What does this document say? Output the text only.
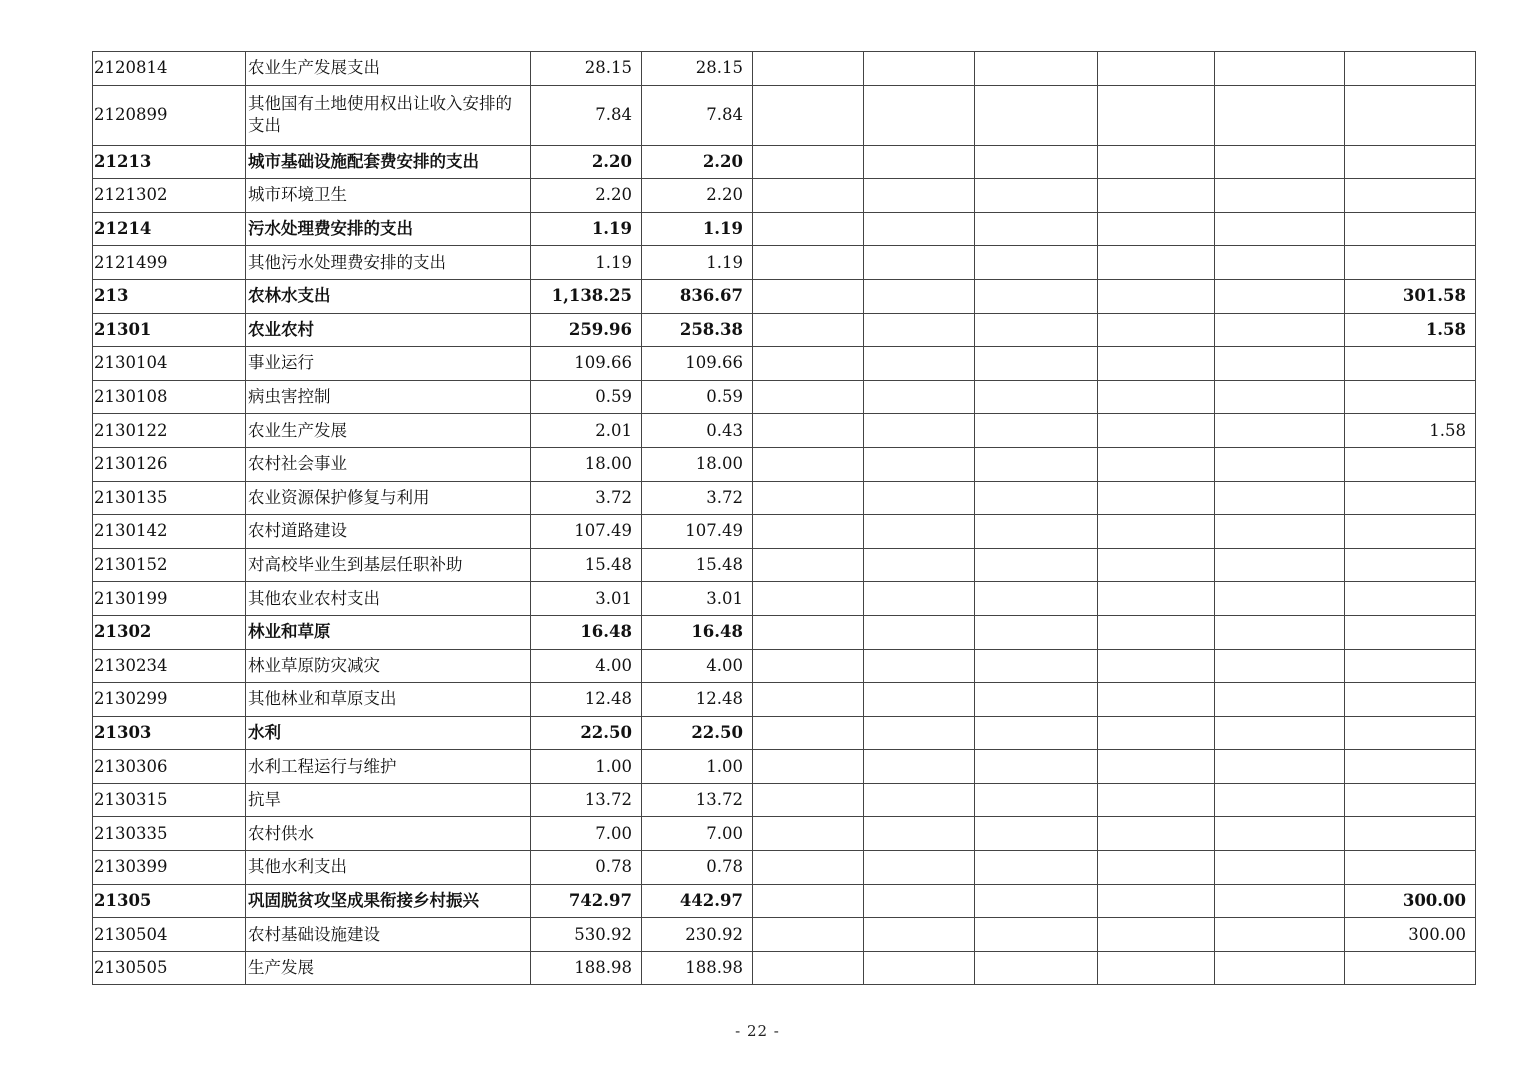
2120814	农业生产发展支出	28.15	28.15						
2120899	其他国有土地使用权出让收入安排的支出	7.84	7.84						
21213	城市基础设施配套费安排的支出	2.20	2.20						
2121302	城市环境卫生	2.20	2.20						
21214	污水处理费安排的支出	1.19	1.19						
2121499	其他污水处理费安排的支出	1.19	1.19						
213	农林水支出	1,138.25	836.67						301.58
21301	农业农村	259.96	258.38						1.58
2130104	事业运行	109.66	109.66						
2130108	病虫害控制	0.59	0.59						
2130122	农业生产发展	2.01	0.43						1.58
2130126	农村社会事业	18.00	18.00						
2130135	农业资源保护修复与利用	3.72	3.72						
2130142	农村道路建设	107.49	107.49						
2130152	对高校毕业生到基层任职补助	15.48	15.48						
2130199	其他农业农村支出	3.01	3.01						
21302	林业和草原	16.48	16.48						
2130234	林业草原防灾减灾	4.00	4.00						
2130299	其他林业和草原支出	12.48	12.48						
21303	水利	22.50	22.50						
2130306	水利工程运行与维护	1.00	1.00						
2130315	抗旱	13.72	13.72						
2130335	农村供水	7.00	7.00						
2130399	其他水利支出	0.78	0.78						
21305	巩固脱贫攻坚成果衔接乡村振兴	742.97	442.97						300.00
2130504	农村基础设施建设	530.92	230.92						300.00
2130505	生产发展	188.98	188.98						
- 22 -
